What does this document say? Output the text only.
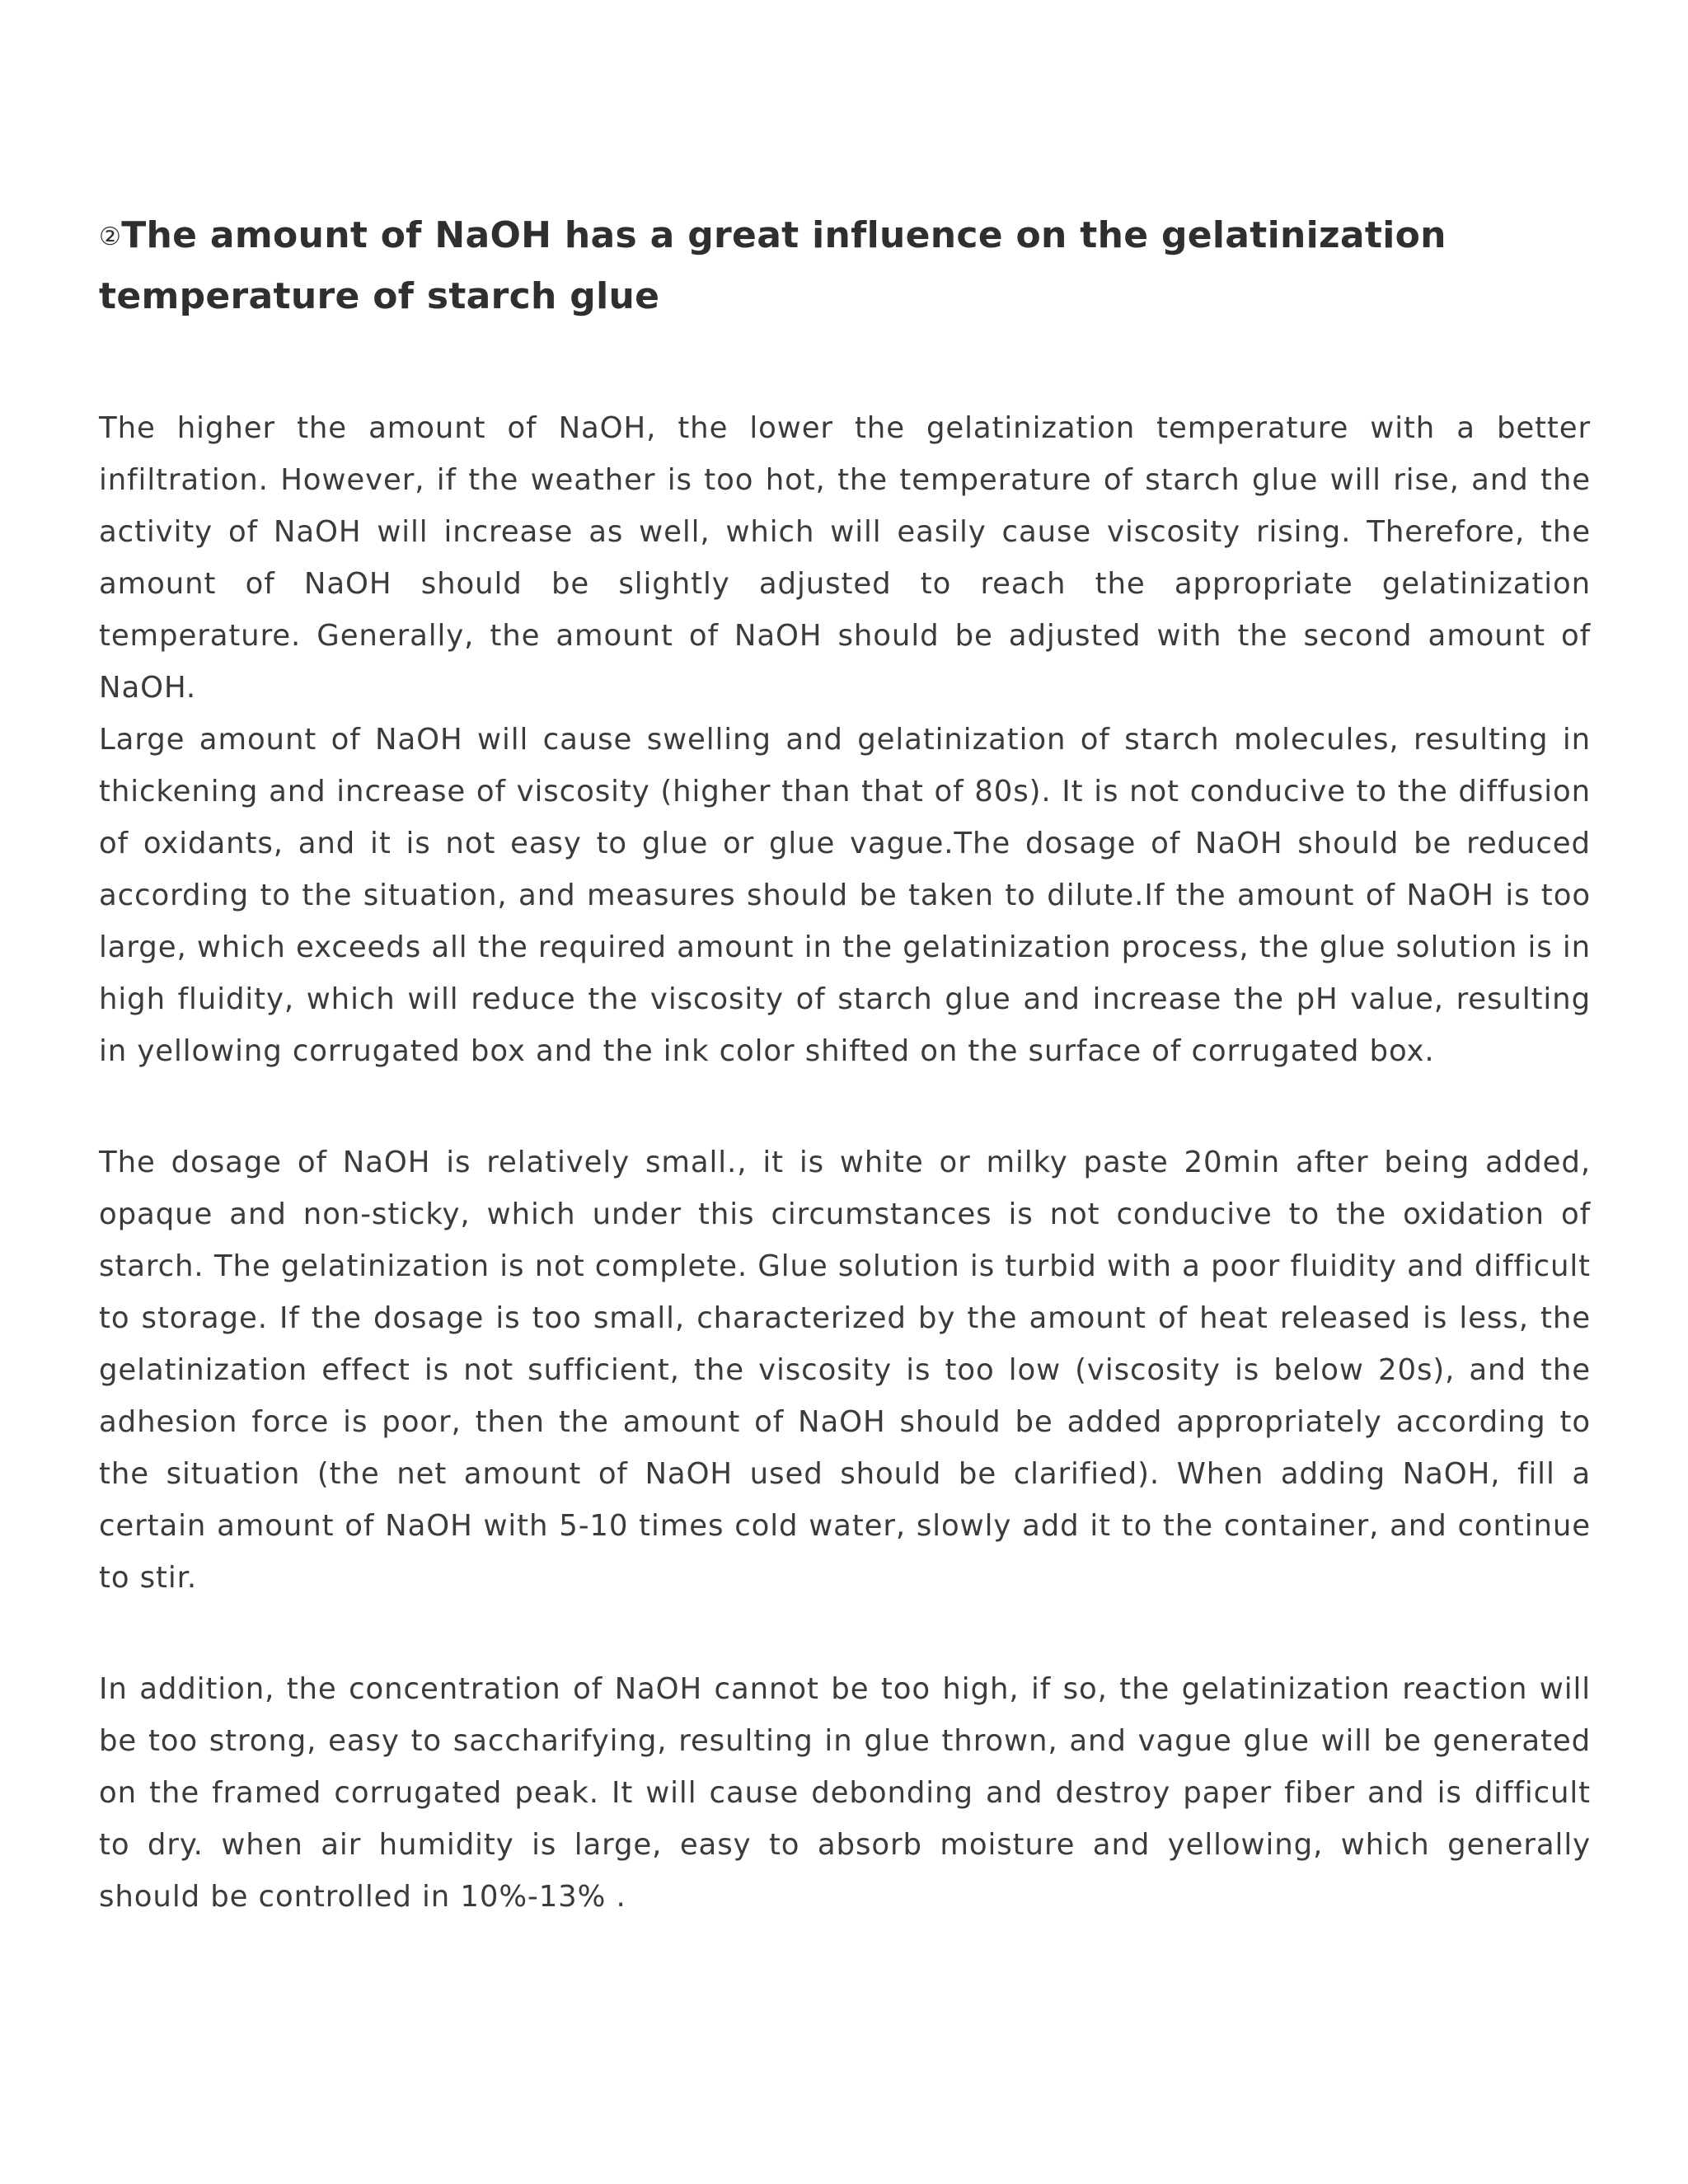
②The amount of NaOH has a great influence on the gelatinization temperature of starch glue

The higher the amount of NaOH, the lower the gelatinization temperature with a better infiltration. However, if the weather is too hot, the temperature of starch glue will rise, and the activity of NaOH will increase as well, which will easily cause viscosity rising. Therefore, the amount of NaOH should be slightly adjusted to reach the appropriate gelatinization temperature. Generally, the amount of NaOH should be adjusted with the second amount of NaOH.

Large amount of NaOH will cause swelling and gelatinization of starch molecules, resulting in thickening and increase of viscosity (higher than that of 80s). It is not conducive to the diffusion of oxidants, and it is not easy to glue or glue vague.The dosage of NaOH should be reduced according to the situation, and measures should be taken to dilute.If the amount of NaOH is too large, which exceeds all the required amount in the gelatinization process, the glue solution is in high fluidity, which will reduce the viscosity of starch glue and increase the pH value, resulting in yellowing corrugated box and the ink color shifted on the surface of corrugated box.

The dosage of NaOH is relatively small., it is white or milky paste 20min after being added, opaque and non-sticky, which under this circumstances is not conducive to the oxidation of starch. The gelatinization is not complete. Glue solution is turbid with a poor fluidity and difficult to storage. If the dosage is too small, characterized by the amount of heat released is less, the gelatinization effect is not sufficient, the viscosity is too low (viscosity is below 20s), and the adhesion force is poor, then the amount of NaOH should be added appropriately according to the situation (the net amount of NaOH used should be clarified). When adding NaOH, fill a certain amount of NaOH with 5-10 times cold water, slowly add it to the container, and continue to stir.

In addition, the concentration of NaOH cannot be too high, if so, the gelatinization reaction will be too strong, easy to saccharifying, resulting in glue thrown, and vague glue will be generated on the framed corrugated peak. It will cause debonding and destroy paper fiber and is difficult to dry. when air humidity is large, easy to absorb moisture and yellowing, which generally should be controlled in 10%-13% .
